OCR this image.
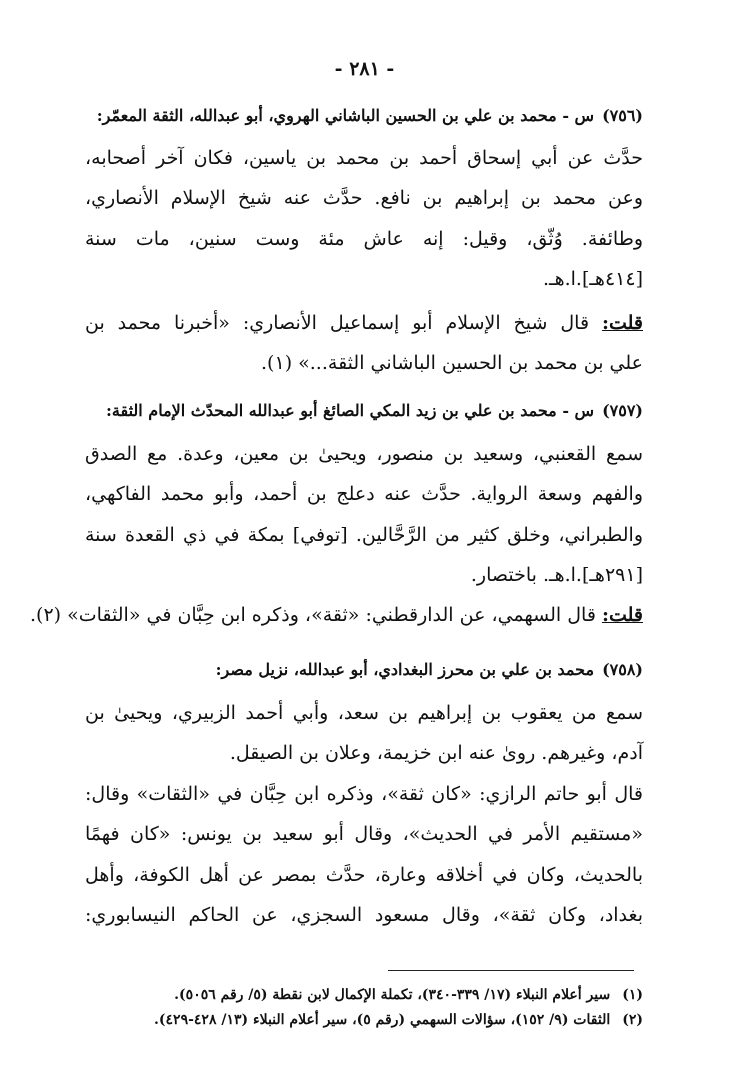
- ٢٨١ -
(٧٥٦)س - محمد بن علي بن الحسين الباشاني الهروي، أبو عبدالله، الثقة المعمّر:
حدَّث عن أبي إسحاق أحمد بن محمد بن ياسين، فكان آخر أصحابه،
وعن محمد بن إبراهيم بن نافع. حدَّث عنه شيخ الإسلام الأنصاري،
وطائفة. وُثّق، وقيل: إنه عاش مئة وست سنين، مات سنة
[٤١٤هـ].ا.هـ.
قلت: قال شيخ الإسلام أبو إسماعيل الأنصاري: «أخبرنا محمد بن
علي بن محمد بن الحسين الباشاني الثقة...» (١).
(٧٥٧)س - محمد بن علي بن زيد المكي الصائغ أبو عبدالله المحدّث الإمام الثقة:
سمع القعنبي، وسعيد بن منصور، ويحيىٰ بن معين، وعدة. مع الصدق
والفهم وسعة الرواية. حدَّث عنه دعلج بن أحمد، وأبو محمد الفاكهي،
والطبراني، وخلق كثير من الرَّحَّالين. [توفي] بمكة في ذي القعدة سنة
[٢٩١هـ].ا.هـ. باختصار.
قلت: قال السهمي، عن الدارقطني: «ثقة»، وذكره ابن حِبَّان في «الثقات» (٢).
(٧٥٨)محمد بن علي بن محرز البغدادي، أبو عبدالله، نزيل مصر:
سمع من يعقوب بن إبراهيم بن سعد، وأبي أحمد الزبيري، ويحيىٰ بن
آدم، وغيرهم. روىٰ عنه ابن خزيمة، وعلان بن الصيقل.
قال أبو حاتم الرازي: «كان ثقة»، وذكره ابن حِبَّان في «الثقات» وقال:
«مستقيم الأمر في الحديث»، وقال أبو سعيد بن يونس: «كان فهمًا
بالحديث، وكان في أخلاقه وعارة، حدَّث بمصر عن أهل الكوفة، وأهل
بغداد، وكان ثقة»، وقال مسعود السجزي، عن الحاكم النيسابوري:
(١)سير أعلام النبلاء (١٧/ ٣٣٩-٣٤٠)، تكملة الإكمال لابن نقطة (٥/ رقم ٥٠٥٦).
(٢)الثقات (٩/ ١٥٢)، سؤالات السهمي (رقم ٥)، سير أعلام النبلاء (١٣/ ٤٢٨-٤٢٩).
